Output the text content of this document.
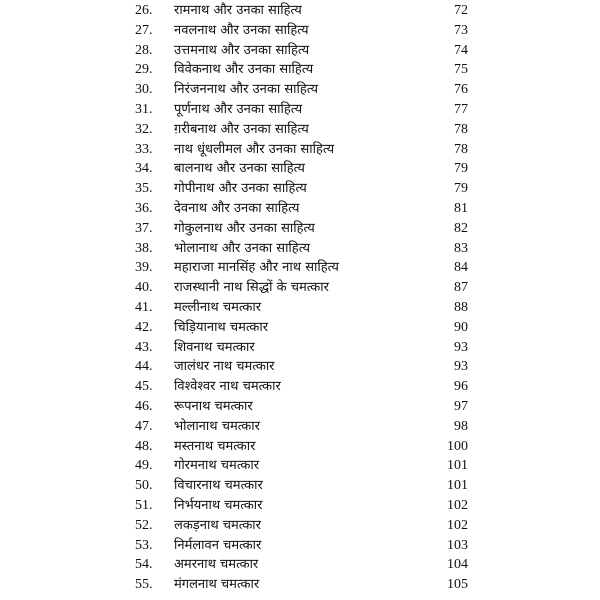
26.	रामनाथ और उनका साहित्य	72
27.	नवलनाथ और उनका साहित्य	73
28.	उत्तमनाथ और उनका साहित्य	74
29.	विवेकनाथ और उनका साहित्य	75
30.	निरंजननाथ और उनका साहित्य	76
31.	पूर्णनाथ और उनका साहित्य	77
32.	ग़रीबनाथ और उनका साहित्य	78
33.	नाथ धूंधलीमल और उनका साहित्य	78
34.	बालनाथ और उनका साहित्य	79
35.	गोपीनाथ और उनका साहित्य	79
36.	देवनाथ और उनका साहित्य	81
37.	गोकुलनाथ और उनका साहित्य	82
38.	भोलानाथ और उनका साहित्य	83
39.	महाराजा मानसिंह और नाथ साहित्य	84
40.	राजस्थानी नाथ सिद्धों के चमत्कार	87
41.	मल्लीनाथ चमत्कार	88
42.	चिड़ियानाथ चमत्कार	90
43.	शिवनाथ चमत्कार	93
44.	जालंधर नाथ चमत्कार	93
45.	विश्वेश्वर नाथ चमत्कार	96
46.	रूपनाथ चमत्कार	97
47.	भोलानाथ चमत्कार	98
48.	मस्तनाथ चमत्कार	100
49.	गोरमनाथ चमत्कार	101
50.	विचारनाथ चमत्कार	101
51.	निर्भयनाथ चमत्कार	102
52.	लकड़नाथ चमत्कार	102
53.	निर्मलावन चमत्कार	103
54.	अमरनाथ चमत्कार	104
55.	मंगलनाथ चमत्कार	105
